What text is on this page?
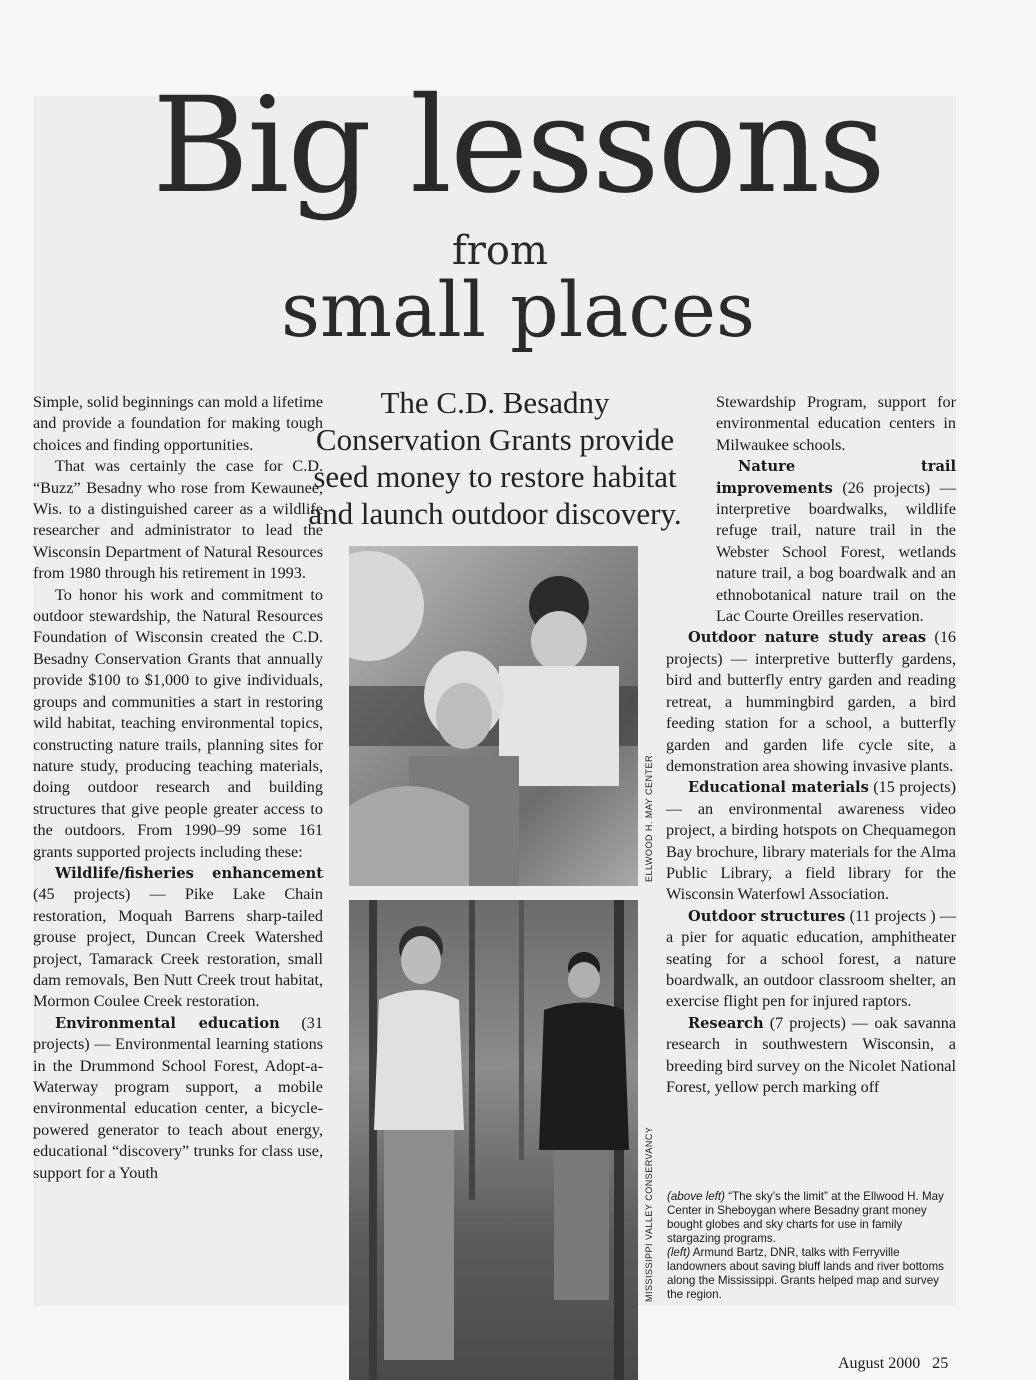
Big lessons
from
small places

Simple, solid beginnings can mold a lifetime and provide a foundation for making tough choices and finding opportunities.

That was certainly the case for C.D. “Buzz” Besadny who rose from Kewaunee, Wis. to a distinguished career as a wildlife researcher and administrator to lead the Wisconsin Department of Natural Resources from 1980 through his retirement in 1993.

To honor his work and commitment to outdoor stewardship, the Natural Resources Foundation of Wisconsin created the C.D. Besadny Conservation Grants that annually provide $100 to $1,000 to give individuals, groups and communities a start in restoring wild habitat, teaching environmental topics, constructing nature trails, planning sites for nature study, producing teaching materials, doing outdoor research and building structures that give people greater access to the outdoors. From 1990–99 some 161 grants supported projects including these:

Wildlife/fisheries enhancement (45 projects) — Pike Lake Chain restoration, Moquah Barrens sharp-tailed grouse project, Duncan Creek Watershed project, Tamarack Creek restoration, small dam removals, Ben Nutt Creek trout habitat, Mormon Coulee Creek restoration.

Environmental education (31 projects) — Environmental learning stations in the Drummond School Forest, Adopt-a-Waterway program support, a mobile environmental education center, a bicycle-powered generator to teach about energy, educational “discovery” trunks for class use, support for a Youth

The C.D. Besadny Conservation Grants provide seed money to restore habitat and launch outdoor discovery.
ELLWOOD H. MAY CENTER
MISSISSIPPI VALLEY CONSERVANCY

Stewardship Program, support for environmental education centers in Milwaukee schools.

Nature trail improvements (26 projects) — interpretive boardwalks, wildlife refuge trail, nature trail in the Webster School Forest, wetlands nature trail, a bog boardwalk and an ethnobotanical nature trail on the Lac Courte Oreilles reservation.

Outdoor nature study areas (16 projects) — interpretive butterfly gardens, bird and butterfly entry garden and reading retreat, a hummingbird garden, a bird feeding station for a school, a butterfly garden and garden life cycle site, a demonstration area showing invasive plants.

Educational materials (15 projects) — an environmental awareness video project, a birding hotspots on Chequamegon Bay brochure, library materials for the Alma Public Library, a field library for the Wisconsin Waterfowl Association.

Outdoor structures (11 projects ) — a pier for aquatic education, amphitheater seating for a school forest, a nature boardwalk, an outdoor classroom shelter, an exercise flight pen for injured raptors.

Research (7 projects) — oak savanna research in southwestern Wisconsin, a breeding bird survey on the Nicolet National Forest, yellow perch marking off

(above left) “The sky’s the limit” at the Ellwood H. May Center in Sheboygan where Besadny grant money bought globes and sky charts for use in family stargazing programs.
(left) Armund Bartz, DNR, talks with Ferryville landowners about saving bluff lands and river bottoms along the Mississippi. Grants helped map and survey the region.
August 2000   25
